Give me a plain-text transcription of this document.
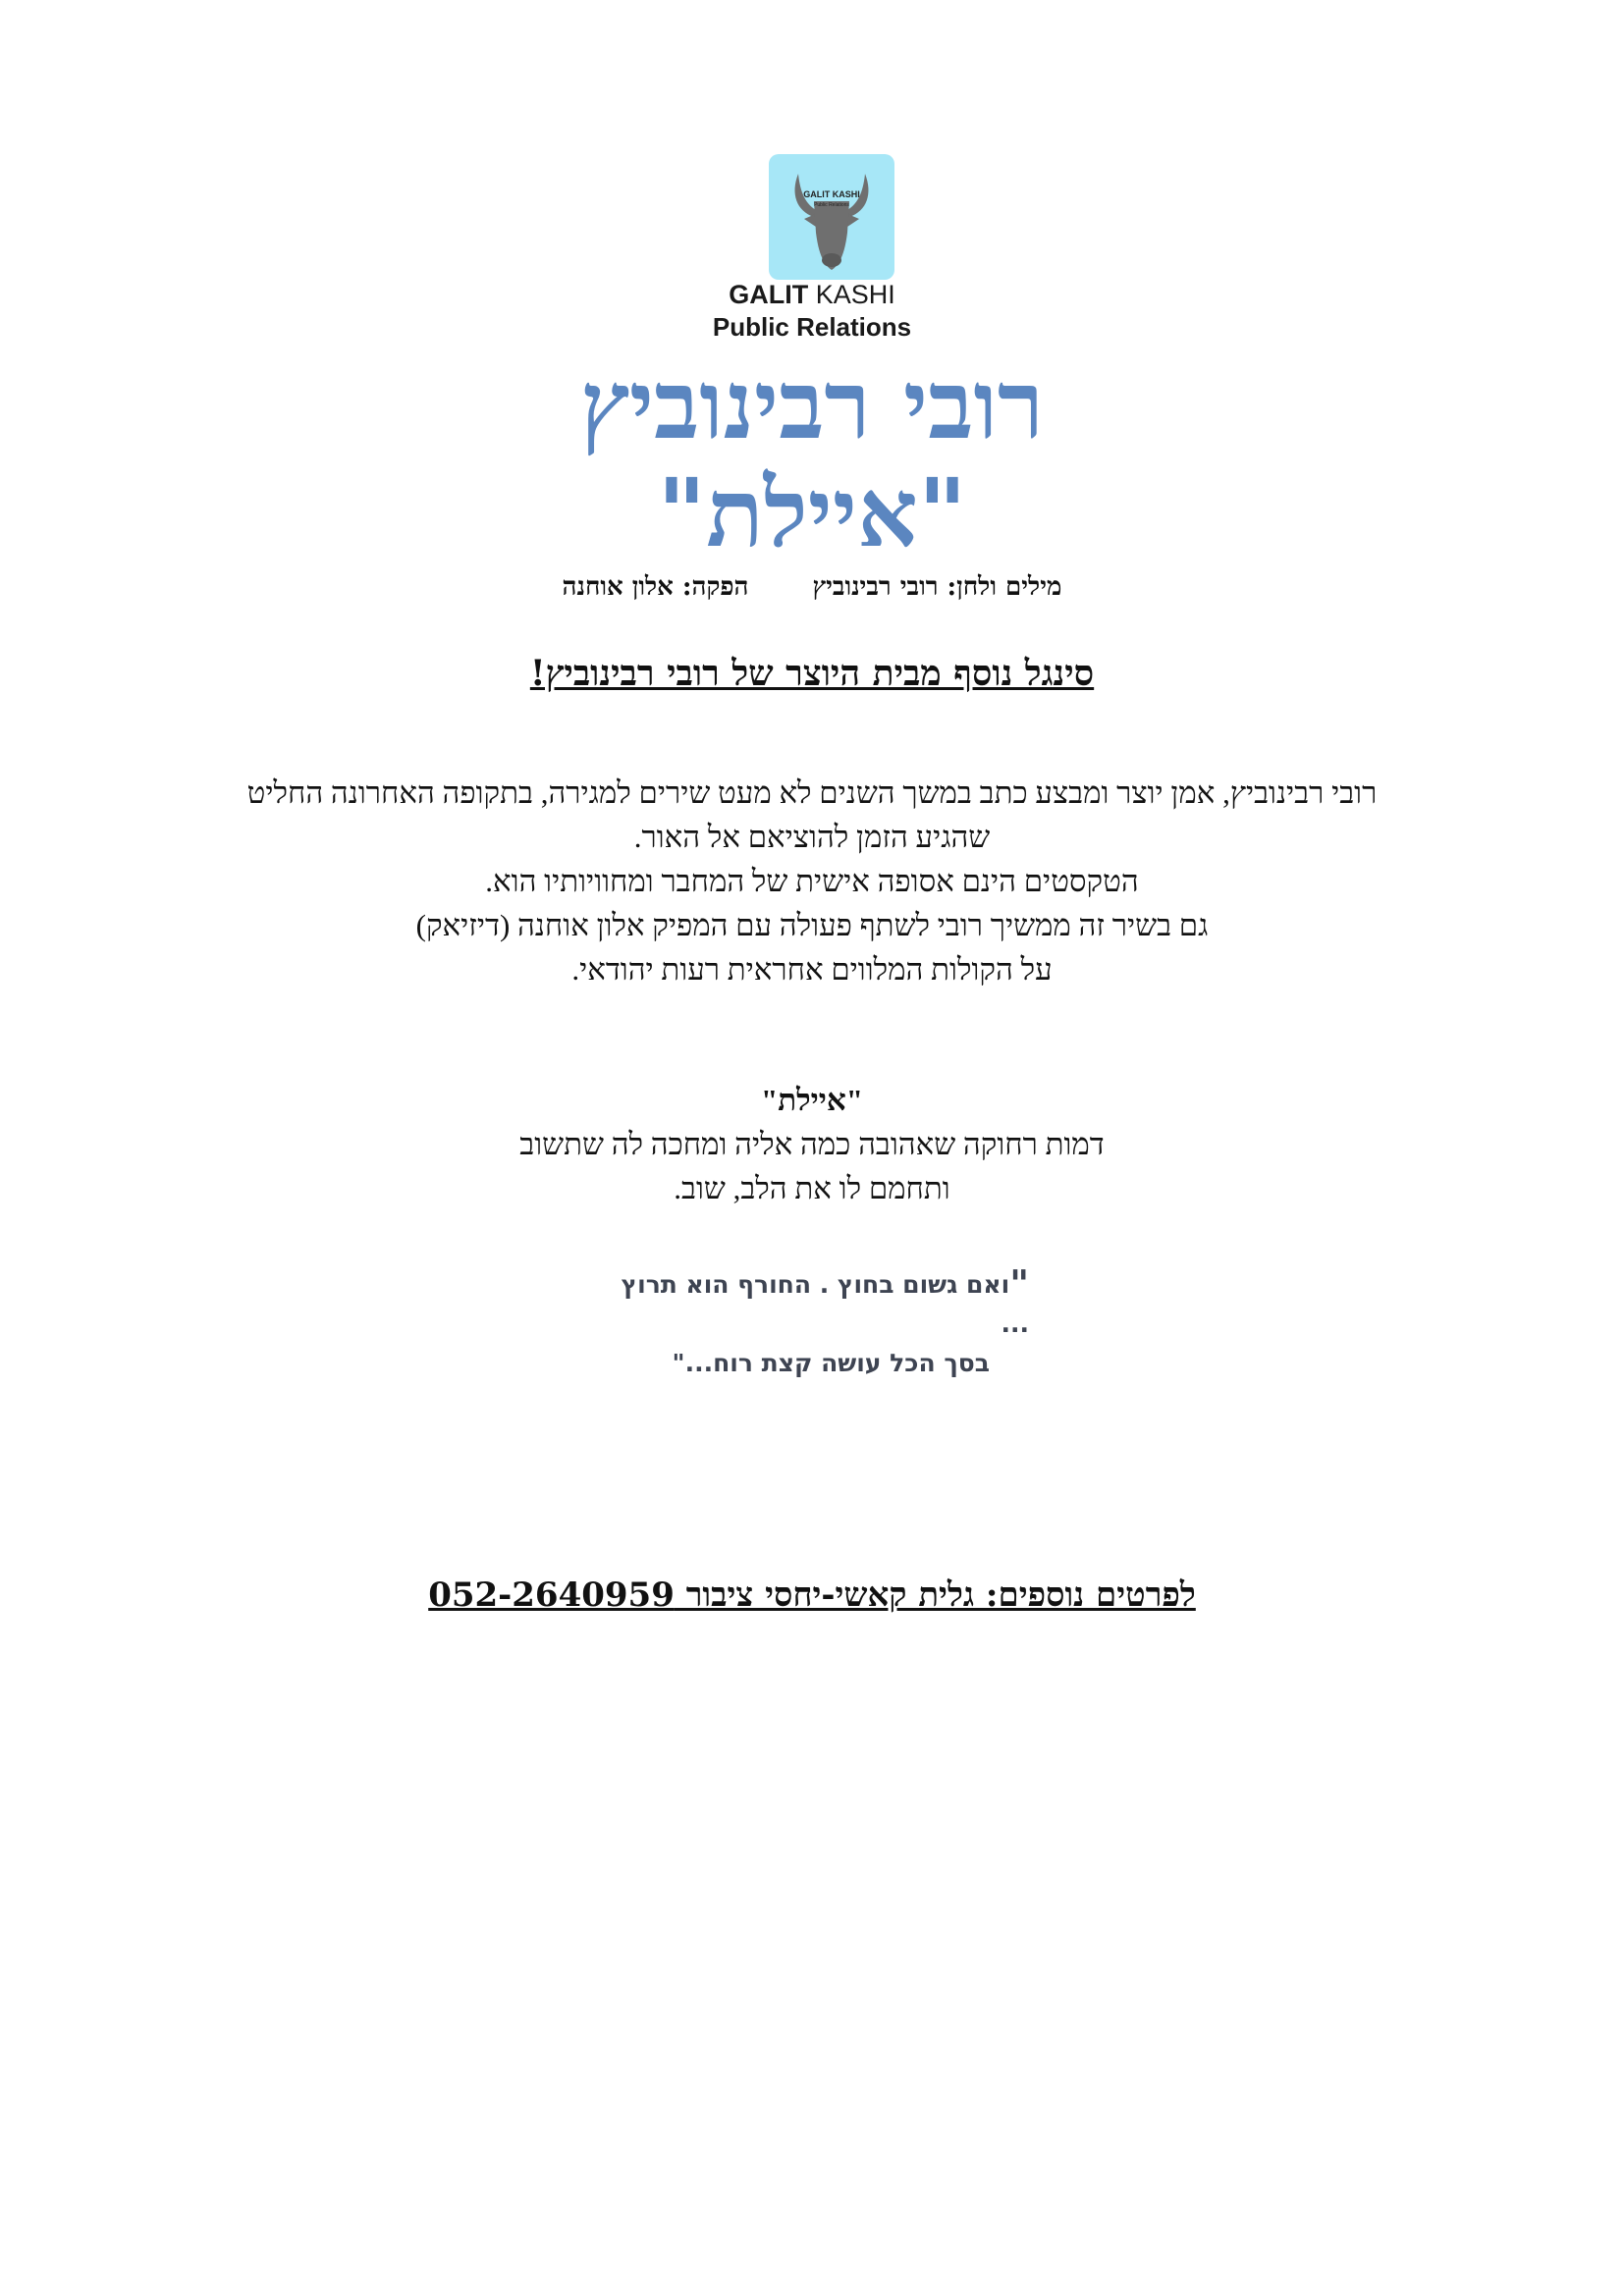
GALIT KASHI
Public Relations
GALIT KASHI
Public Relations
רובי רבינוביץ
"איילת"
מילים ולחן: רובי רבינוביץ הפקה: אלון אוחנה
סינגל נוסף מבית היוצר של רובי רבינוביץ!
רובי רבינוביץ, אמן יוצר ומבצע כתב במשך השנים לא מעט שירים למגירה, בתקופה האחרונה החליט
שהגיע הזמן להוציאם אל האור.
הטקסטים הינם אסופה אישית של המחבר ומחוויותיו הוא.
גם בשיר זה ממשיך רובי לשתף פעולה עם המפיק אלון אוחנה (דיזיאק)
על הקולות המלווים אחראית רעות יהודאי.
"איילת"
דמות רחוקה שאהובה כמה אליה ומחכה לה שתשוב
ותחמם לו את הלב, שוב.
"ואם גשום בחוץ . החורף הוא תרוץ ...
בסך הכל עושה קצת רוח..."
לפרטים נוספים: גלית קאשי-יחסי ציבור 052-2640959
